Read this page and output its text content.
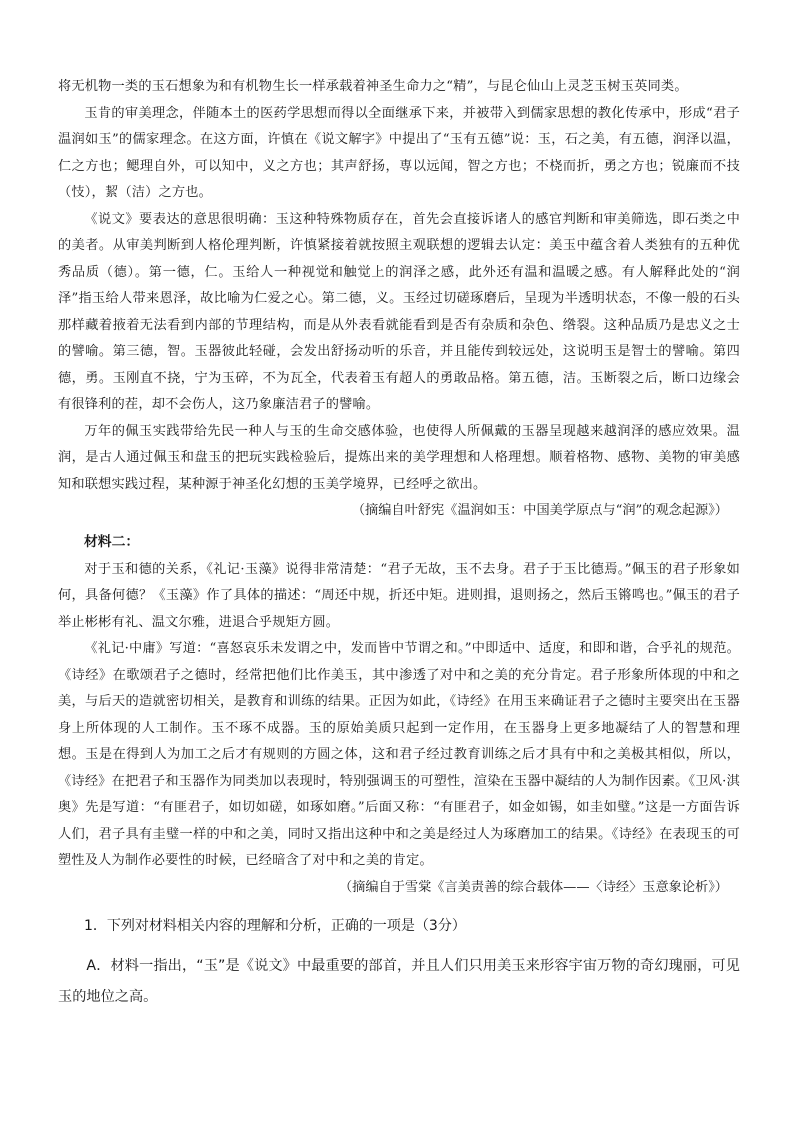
将无机物一类的玉石想象为和有机物生长一样承载着神圣生命力之“精”，与昆仑仙山上灵芝玉树玉英同类。

玉肯的审美理念，伴随本土的医药学思想而得以全面继承下来，并被带入到儒家思想的教化传承中，形成“君子温润如玉”的儒家理念。在这方面，许慎在《说文解字》中提出了“玉有五德”说：玉，石之美，有五德，润泽以温，仁之方也；鳃理自外，可以知中，义之方也；其声舒扬，専以远闻，智之方也；不桡而折，勇之方也；锐廉而不技（忮），絜（洁）之方也。

《说文》要表达的意思很明确：玉这种特殊物质存在，首先会直接诉诸人的感官判断和审美筛选，即石类之中的美者。从审美判断到人格伦理判断，许慎紧接着就按照主观联想的逻辑去认定：美玉中蕴含着人类独有的五种优秀品质（德）。第一德，仁。玉给人一种视觉和触觉上的润泽之感，此外还有温和温暖之感。有人解释此处的“润泽”指玉给人带来恩泽，故比喻为仁爱之心。第二德，义。玉经过切磋琢磨后，呈现为半透明状态，不像一般的石头那样藏着掖着无法看到内部的节理结构，而是从外表看就能看到是否有杂质和杂色、绺裂。这种品质乃是忠义之士的譬喻。第三德，智。玉器彼此轻碰，会发出舒扬动听的乐音，并且能传到较远处，这说明玉是智士的譬喻。第四德，勇。玉刚直不挠，宁为玉碎，不为瓦全，代表着玉有超人的勇敢品格。第五德，洁。玉断裂之后，断口边缘会有很锋利的茬，却不会伤人，这乃象廉洁君子的譬喻。

万年的佩玉实践带给先民一种人与玉的生命交感体验，也使得人所佩戴的玉器呈现越来越润泽的感应效果。温润，是古人通过佩玉和盘玉的把玩实践检验后，提炼出来的美学理想和人格理想。顺着格物、感物、美物的审美感知和联想实践过程，某种源于神圣化幻想的玉美学境界，已经呼之欲出。

（摘编自叶舒宪《温润如玉：中国美学原点与“润”的观念起源》）

材料二：

对于玉和德的关系，《礼记·玉藻》说得非常清楚：“君子无故，玉不去身。君子于玉比德焉。”佩玉的君子形象如何，具备何德？《玉藻》作了具体的描述：“周还中规，折还中矩。进则揖，退则扬之，然后玉锵鸣也。”佩玉的君子举止彬彬有礼、温文尔雅，进退合乎规矩方圆。

《礼记·中庸》写道：“喜怒哀乐未发谓之中，发而皆中节谓之和。”中即适中、适度，和即和谐，合乎礼的规范。《诗经》在歌颂君子之德时，经常把他们比作美玉，其中渗透了对中和之美的充分肯定。君子形象所体现的中和之美，与后天的造就密切相关，是教育和训练的结果。正因为如此，《诗经》在用玉来确证君子之德时主要突出在玉器身上所体现的人工制作。玉不琢不成器。玉的原始美质只起到一定作用，在玉器身上更多地凝结了人的智慧和理想。玉是在得到人为加工之后才有规则的方圆之体，这和君子经过教育训练之后才具有中和之美极其相似，所以，《诗经》在把君子和玉器作为同类加以表现时，特别强调玉的可塑性，渲染在玉器中凝结的人为制作因素。《卫风·淇奥》先是写道：“有匪君子，如切如磋，如琢如磨。”后面又称：“有匪君子，如金如锡，如圭如璧。”这是一方面告诉人们，君子具有圭璧一样的中和之美，同时又指出这种中和之美是经过人为琢磨加工的结果。《诗经》在表现玉的可塑性及人为制作必要性的时候，已经暗含了对中和之美的肯定。

（摘编自于雪棠《言美责善的综合载体——〈诗经〉玉意象论析》）

1．下列对材料相关内容的理解和分析，正确的一项是（3分）

A．材料一指出，“玉”是《说文》中最重要的部首，并且人们只用美玉来形容宇宙万物的奇幻瑰丽，可见玉的地位之高。
